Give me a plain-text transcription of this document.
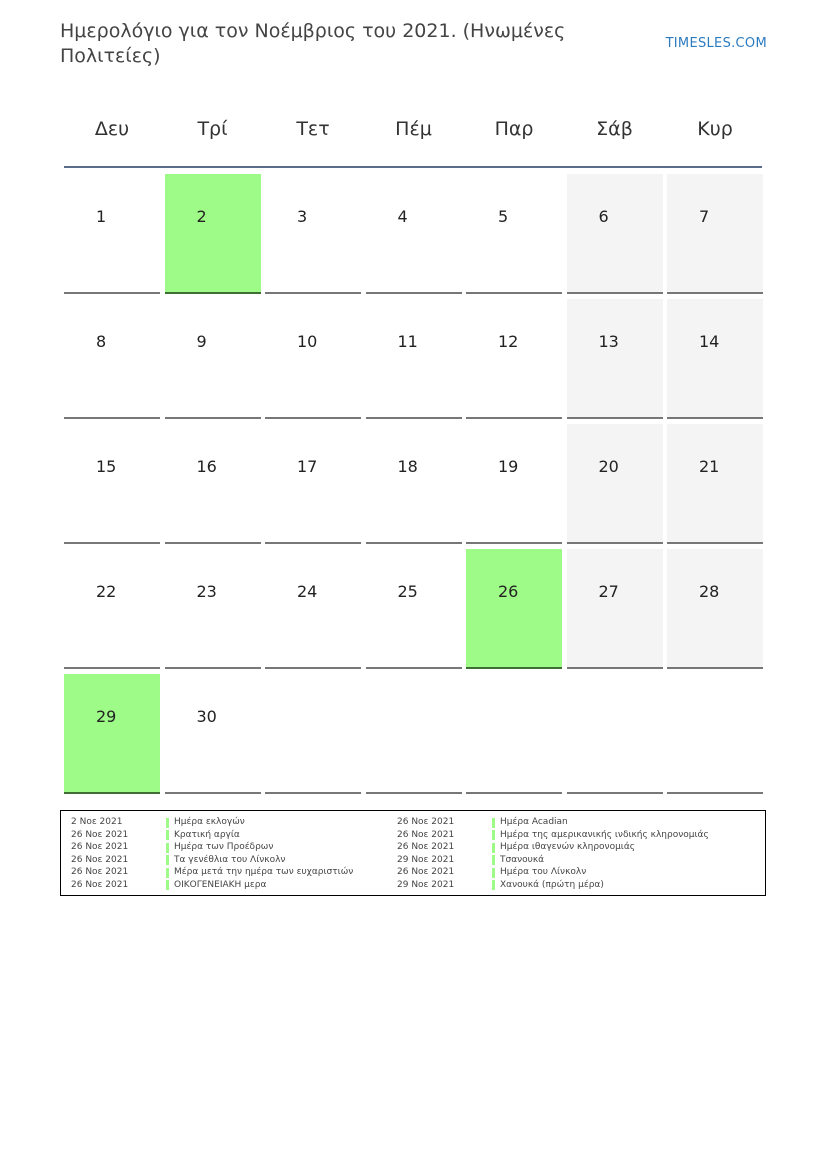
Ημερολόγιο για τον Νοέμβριος του 2021. (Ηνωμένες Πολιτείες)
TIMESLES.COM
Δευ	Τρί	Τετ	Πέμ	Παρ	Σάβ	Κυρ
1	2	3	4	5	6	7
8	9	10	11	12	13	14
15	16	17	18	19	20	21
22	23	24	25	26	27	28
29	30
2 Νοε 2021	Ημέρα εκλογών
26 Νοε 2021	Κρατική αργία
26 Νοε 2021	Ημέρα των Προέδρων
26 Νοε 2021	Τα γενέθλια του Λίνκολν
26 Νοε 2021	Μέρα μετά την ημέρα των ευχαριστιών
26 Νοε 2021	ΟΙΚΟΓΕΝΕΙΑΚΗ μερα
26 Νοε 2021	Ημέρα Acadian
26 Νοε 2021	Ημέρα της αμερικανικής ινδικής κληρονομιάς
26 Νοε 2021	Ημέρα ιθαγενών κληρονομιάς
29 Νοε 2021	Τσανουκά
26 Νοε 2021	Ημέρα του Λίνκολν
29 Νοε 2021	Χανουκά (πρώτη μέρα)
